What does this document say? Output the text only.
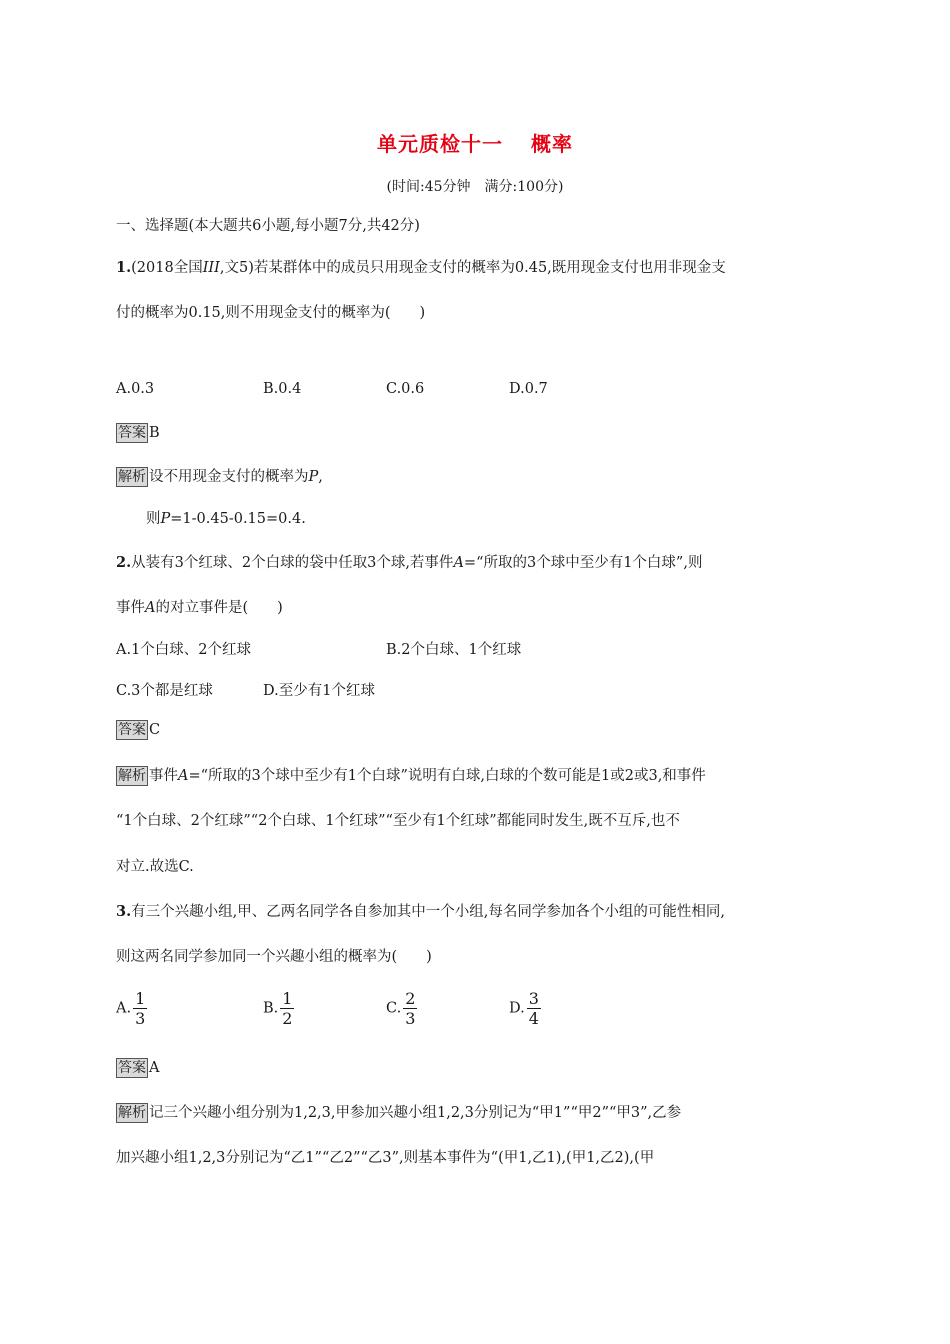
单元质检十一 概率
(时间:45分钟　满分:100分)
一、选择题(本大题共6小题,每小题7分,共42分)
1.(2018全国III,文5)若某群体中的成员只用现金支付的概率为0.45,既用现金支付也用非现金支
付的概率为0.15,则不用现金支付的概率为(　　)
A.0.3	B.0.4	C.0.6	D.0.7
答案 B
解析 设不用现金支付的概率为P,
则P=1-0.45-0.15=0.4.
2.从装有3个红球、2个白球的袋中任取3个球,若事件A=“所取的3个球中至少有1个白球”,则
事件A的对立事件是(　　)
A.1个白球、2个红球	B.2个白球、1个红球
C.3个都是红球	D.至少有1个红球
答案 C
解析 事件A=“所取的3个球中至少有1个白球”说明有白球,白球的个数可能是1或2或3,和事件
“1个白球、2个红球”“2个白球、1个红球”“至少有1个红球”都能同时发生,既不互斥,也不
对立.故选C.
3.有三个兴趣小组,甲、乙两名同学各自参加其中一个小组,每名同学参加各个小组的可能性相同,
则这两名同学参加同一个兴趣小组的概率为(　　)
A. $\frac{1}{3}$	B. $\frac{1}{2}$	C. $\frac{2}{3}$	D. $\frac{3}{4}$
答案 A
解析 记三个兴趣小组分别为1,2,3,甲参加兴趣小组1,2,3分别记为“甲1”“甲2”“甲3”,乙参
加兴趣小组1,2,3分别记为“乙1”“乙2”“乙3”,则基本事件为“(甲1,乙1),(甲1,乙2),(甲
